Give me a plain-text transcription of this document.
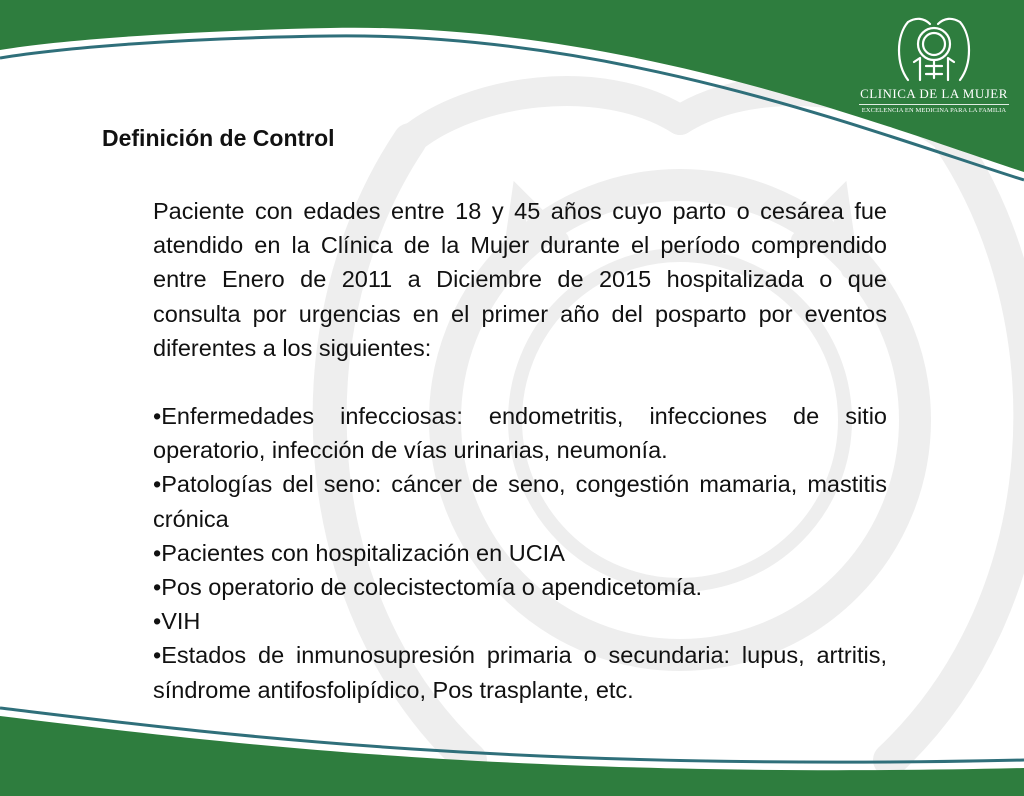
CLINICA DE LA MUJER
EXCELENCIA EN MEDICINA PARA LA FAMILIA
Definición de Control

Paciente con edades entre 18 y 45 años cuyo parto o cesárea fue atendido en la Clínica de la Mujer durante el período comprendido entre Enero de 2011 a Diciembre de 2015 hospitalizada o que consulta por urgencias en el primer año del posparto por eventos diferentes a los siguientes:

•Enfermedades infecciosas: endometritis, infecciones de sitio operatorio, infección de vías urinarias, neumonía.
•Patologías del seno: cáncer de seno, congestión mamaria, mastitis crónica
•Pacientes con hospitalización en UCIA
•Pos operatorio de colecistectomía o apendicetomía.
•VIH
•Estados de inmunosupresión primaria o secundaria: lupus, artritis, síndrome antifosfolipídico, Pos trasplante, etc.
